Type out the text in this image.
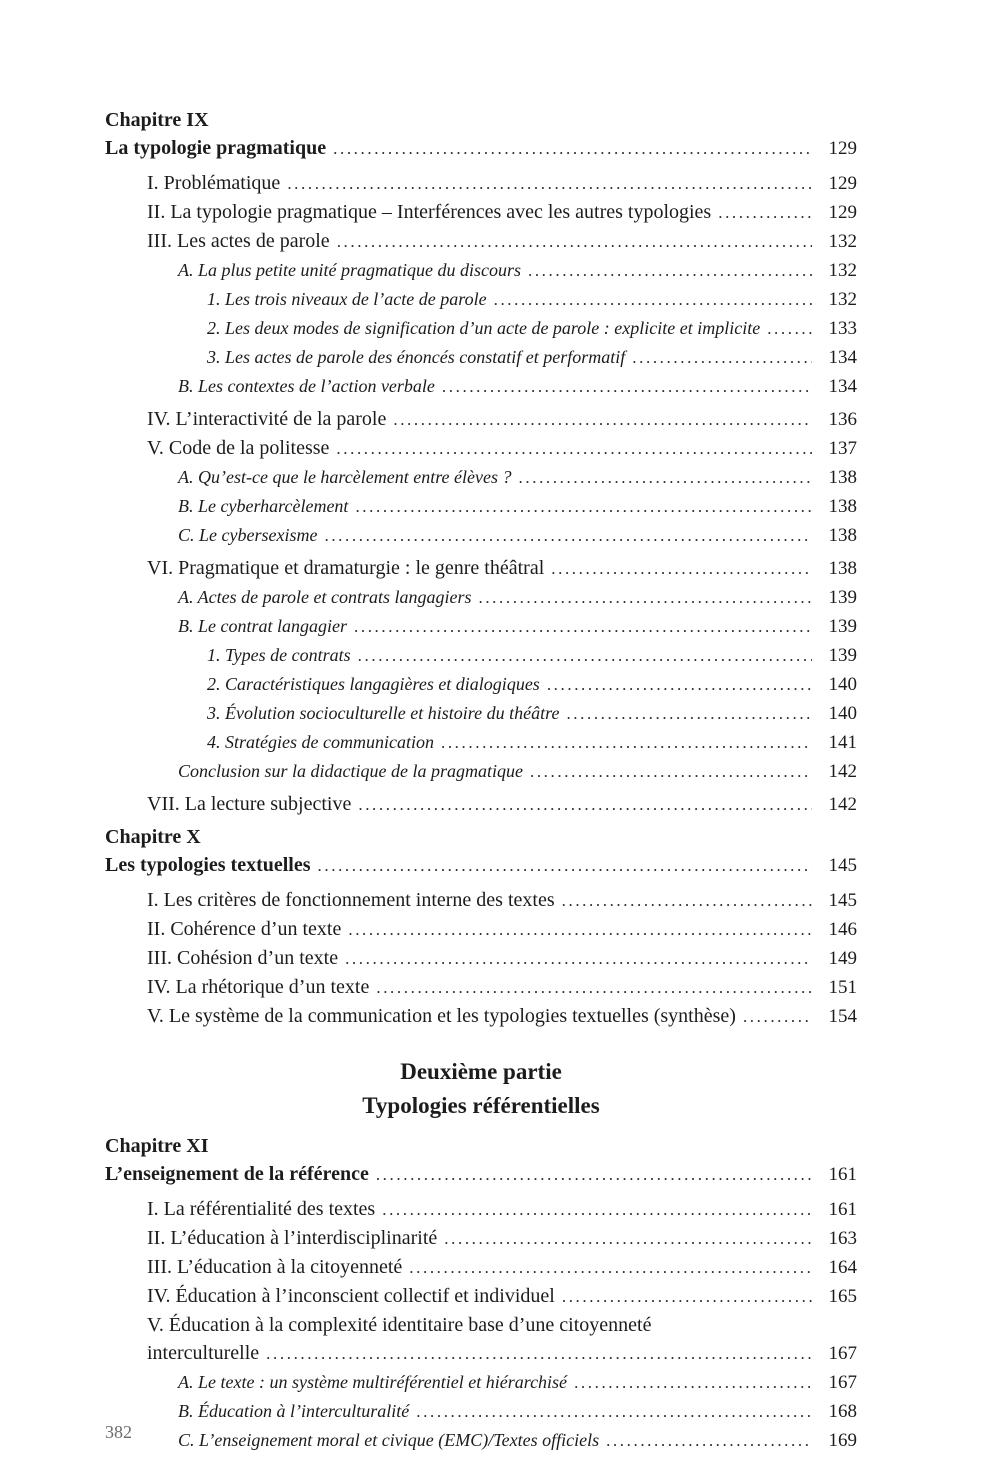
Chapitre IX
La typologie pragmatique .....	129
I. Problématique .....	129
II. La typologie pragmatique – Interférences avec les autres typologies .....	129
III. Les actes de parole .....	132
A. La plus petite unité pragmatique du discours .....	132
1. Les trois niveaux de l’acte de parole .....	132
2. Les deux modes de signification d’un acte de parole : explicite et implicite .....	133
3. Les actes de parole des énoncés constatif et performatif .....	134
B. Les contextes de l’action verbale .....	134
IV. L’interactivité de la parole .....	136
V. Code de la politesse .....	137
A. Qu’est-ce que le harcèlement entre élèves ? .....	138
B. Le cyberharcèlement .....	138
C. Le cybersexisme .....	138
VI. Pragmatique et dramaturgie : le genre théâtral .....	138
A. Actes de parole et contrats langagiers .....	139
B. Le contrat langagier .....	139
1. Types de contrats .....	139
2. Caractéristiques langagières et dialogiques .....	140
3. Évolution socioculturelle et histoire du théâtre .....	140
4. Stratégies de communication .....	141
Conclusion sur la didactique de la pragmatique .....	142
VII. La lecture subjective .....	142
Chapitre X
Les typologies textuelles .....	145
I. Les critères de fonctionnement interne des textes .....	145
II. Cohérence d’un texte .....	146
III. Cohésion d’un texte .....	149
IV. La rhétorique d’un texte .....	151
V. Le système de la communication et les typologies textuelles (synthèse) .....	154
Deuxième partie
Typologies référentielles
Chapitre XI
L’enseignement de la référence .....	161
I. La référentialité des textes .....	161
II. L’éducation à l’interdisciplinarité .....	163
III. L’éducation à la citoyenneté .....	164
IV. Éducation à l’inconscient collectif et individuel .....	165
V. Éducation à la complexité identitaire base d’une citoyenneté
interculturelle .....	167
A. Le texte : un système multiréférentiel et hiérarchisé .....	167
B. Éducation à l’interculturalité .....	168
C. L’enseignement moral et civique (EMC)/Textes officiels .....	169
382
